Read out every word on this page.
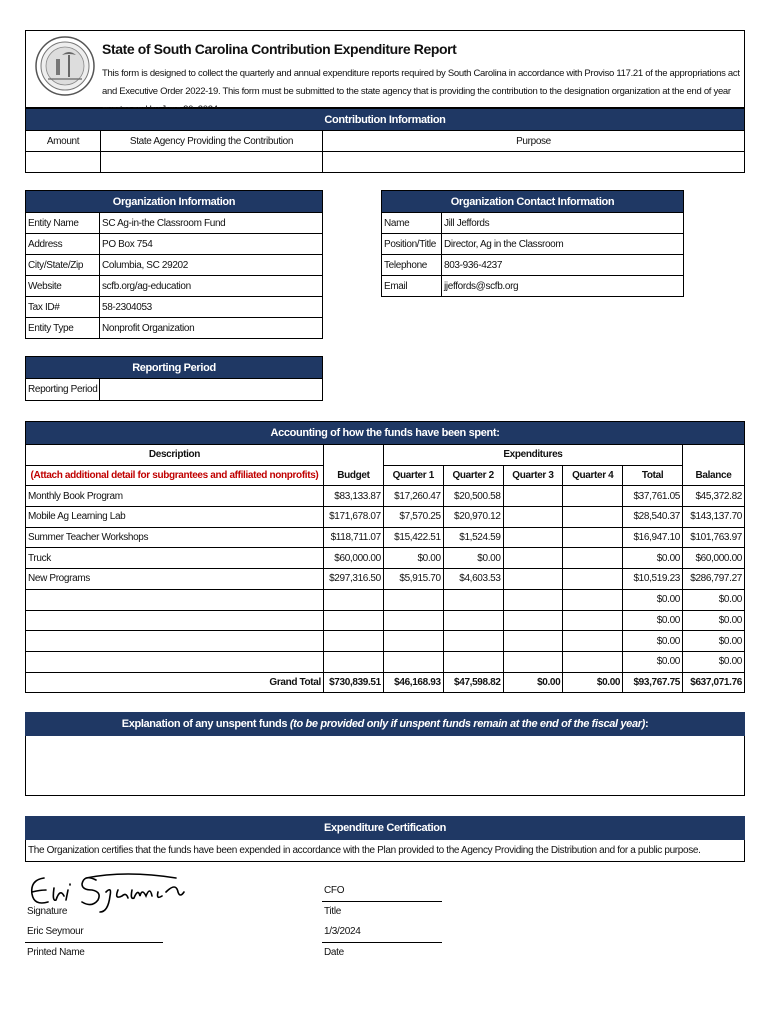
State of South Carolina Contribution Expenditure Report
This form is designed to collect the quarterly and annual expenditure reports required by South Carolina in accordance with Proviso 117.21 of the appropriations act and Executive Order 2022-19. This form must be submitted to the state agency that is providing the contribution to the designation organization at the end of year
Contribution Information		
Amount	State Agency Providing the Contribution	Purpose

Organization Information	
Entity Name	SC Ag-in-the Classroom Fund
Address	PO Box 754
City/State/Zip	Columbia, SC 29202
Website	scfb.org/ag-education
Tax ID#	58-2304053
Entity Type	Nonprofit Organization
Organization Contact Information	
Name	Jill Jeffords
Position/Title	Director, Ag in the Classroom
Telephone	803-936-4237
Email	jjeffords@scfb.org
Reporting Period
Reporting Period	
Accounting of how the funds have been spent:							
Description		Expenditures					
(Attach additional detail for subgrantees and affiliated nonprofits)	Budget	Quarter 1	Quarter 2	Quarter 3	Quarter 4	Total	Balance
Monthly Book Program	$83,133.87	$17,260.47	$20,500.58			$37,761.05	$45,372.82
Mobile Ag Learning Lab	$171,678.07	$7,570.25	$20,970.12			$28,540.37	$143,137.70
Summer Teacher Workshops	$118,711.07	$15,422.51	$1,524.59			$16,947.10	$101,763.97
Truck	$60,000.00	$0.00	$0.00			$0.00	$60,000.00
New Programs	$297,316.50	$5,915.70	$4,603.53			$10,519.23	$286,797.27
						$0.00	$0.00
						$0.00	$0.00
						$0.00	$0.00
						$0.00	$0.00
Grand Total	$730,839.51	$46,168.93	$47,598.82	$0.00	$0.00	$93,767.75	$637,071.76
Explanation of any unspent funds (to be provided only if unspent funds remain at the end of the fiscal year):
Expenditure Certification
The Organization certifies that the funds have been expended in accordance with the Plan provided to the Agency Providing the Distribution and for a public purpose.
Signature
Eric Seymour
Printed Name
CFO
Title
1/3/2024
Date
